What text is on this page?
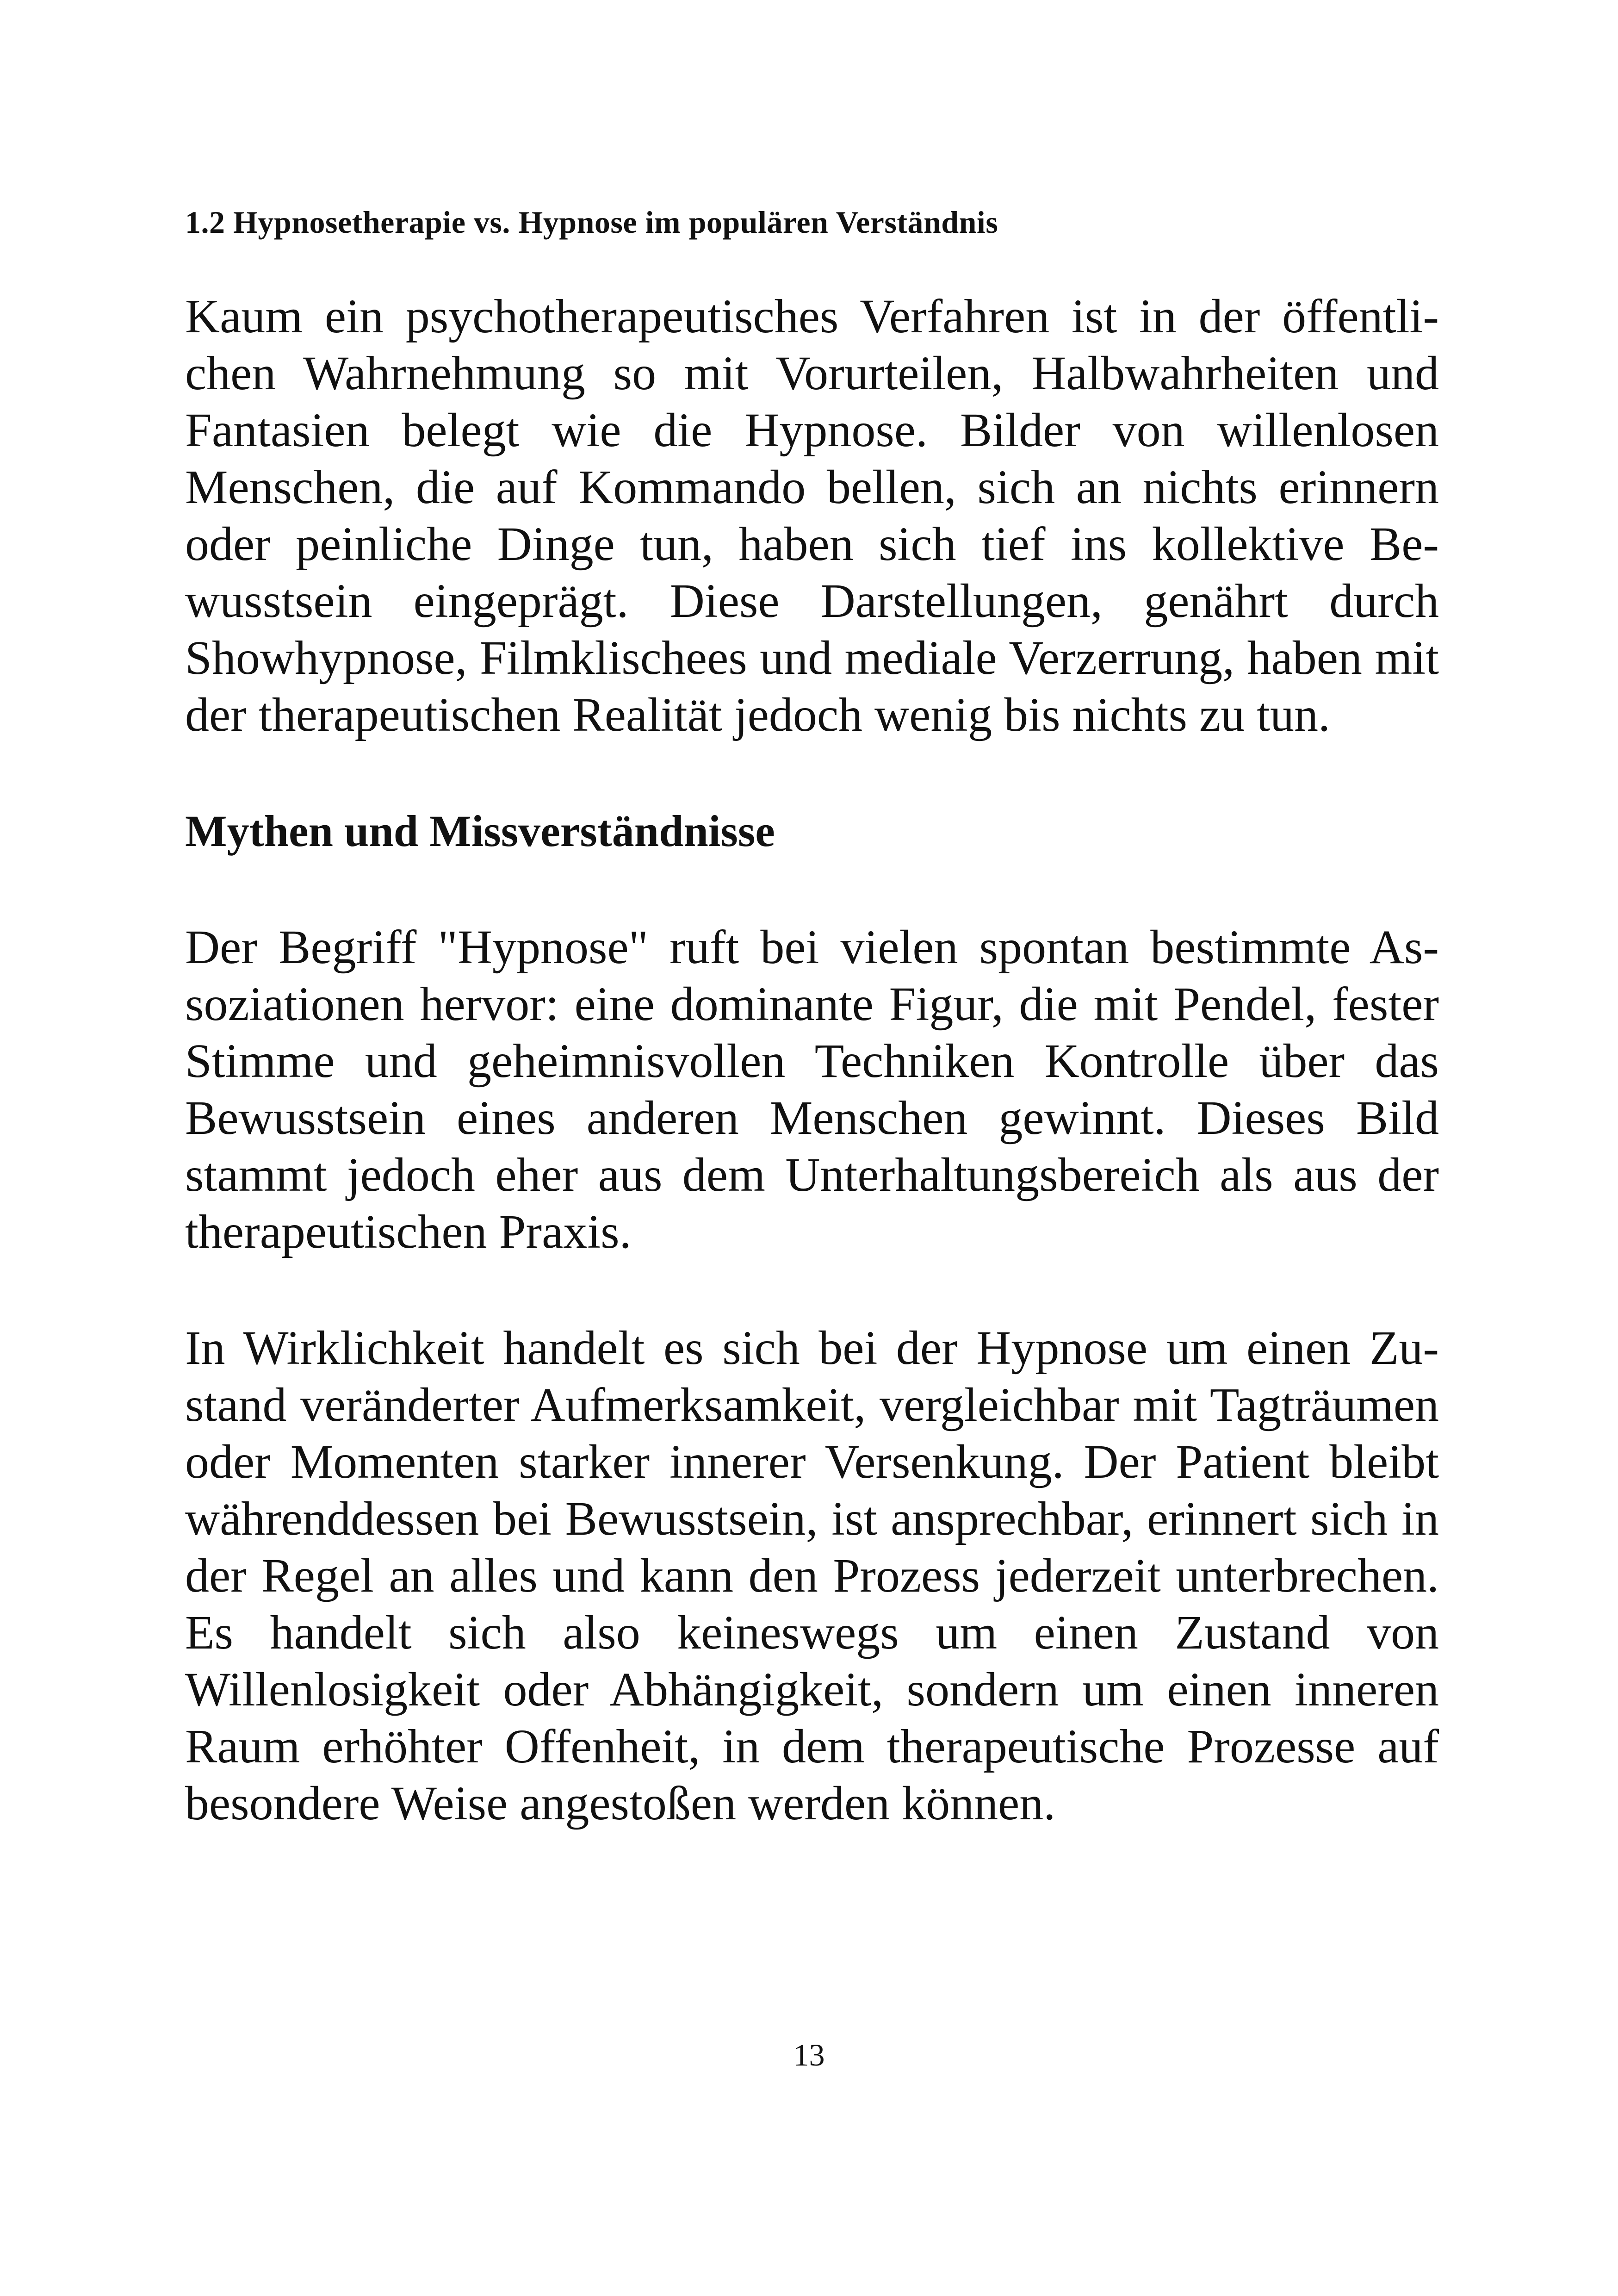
1.2 Hypnosetherapie vs. Hypnose im populären Verständnis

Kaum ein psychotherapeutisches Verfahren ist in der öffentlichen Wahrnehmung so mit Vorurteilen, Halbwahrheiten und Fantasien belegt wie die Hypnose. Bilder von willenlosen Menschen, die auf Kommando bellen, sich an nichts erinnern oder peinliche Dinge tun, haben sich tief ins kollektive Bewusstsein eingeprägt. Diese Darstellungen, genährt durch Showhypnose, Filmklischees und mediale Verzerrung, haben mit der therapeutischen Realität jedoch wenig bis nichts zu tun.

Mythen und Missverständnisse

Der Begriff "Hypnose" ruft bei vielen spontan bestimmte Assoziationen hervor: eine dominante Figur, die mit Pendel, fester Stimme und geheimnisvollen Techniken Kontrolle über das Bewusstsein eines anderen Menschen gewinnt. Dieses Bild stammt jedoch eher aus dem Unterhaltungsbereich als aus der therapeutischen Praxis.

In Wirklichkeit handelt es sich bei der Hypnose um einen Zustand veränderter Aufmerksamkeit, vergleichbar mit Tagträumen oder Momenten starker innerer Versenkung. Der Patient bleibt währenddessen bei Bewusstsein, ist ansprechbar, erinnert sich in der Regel an alles und kann den Prozess jederzeit unterbrechen. Es handelt sich also keineswegs um einen Zustand von Willenlosigkeit oder Abhängigkeit, sondern um einen inneren Raum erhöhter Offenheit, in dem therapeutische Prozesse auf besondere Weise angestoßen werden können.

13
